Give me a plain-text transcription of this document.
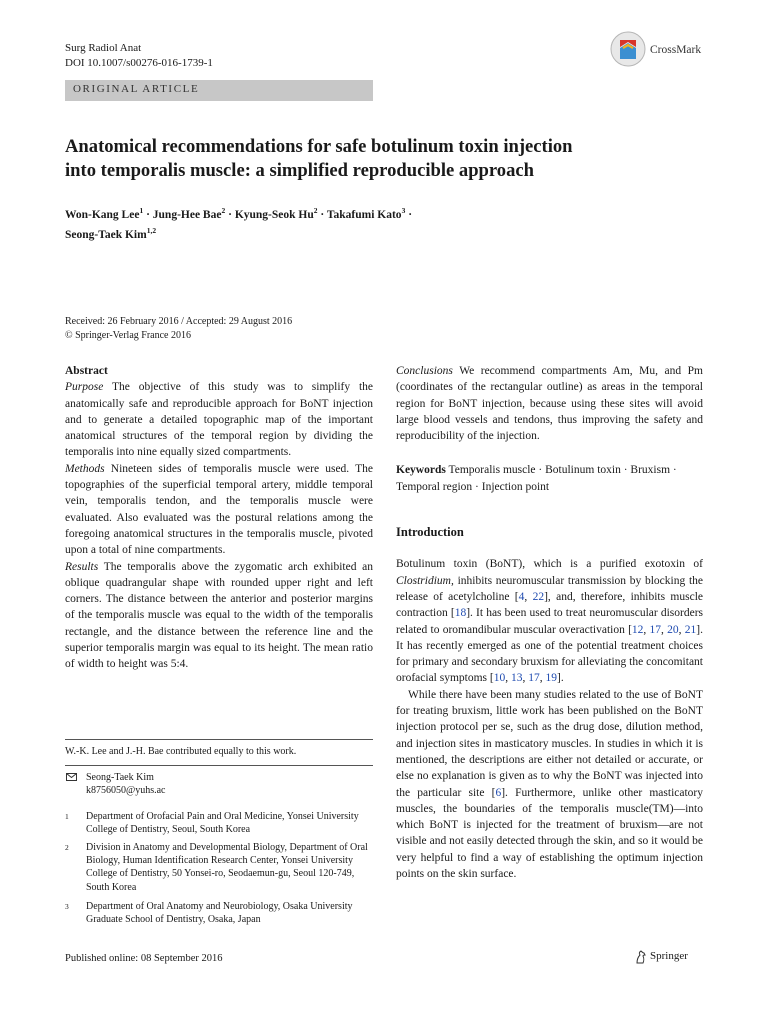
Surg Radiol Anat
DOI 10.1007/s00276-016-1739-1
CrossMark
ORIGINAL ARTICLE
Anatomical recommendations for safe botulinum toxin injection
into temporalis muscle: a simplified reproducible approach
Won-Kang Lee$^1$ · Jung-Hee Bae$^2$ · Kyung-Seok $Hu^2$ · Takafumi Kato$^3$ ·
Seong-Taek Kim$^{1,2}$
Received: 26 February 2016 / Accepted: 29 August 2016
© Springer-Verlag France 2016

Abstract

Purpose The objective of this study was to simplify the anatomically safe and reproducible approach for BoNT injection and to generate a detailed topographic map of the important anatomical structures of the temporal region by dividing the temporalis into nine equally sized compartments.

Methods Nineteen sides of temporalis muscle were used. The topographies of the superficial temporal artery, middle temporal vein, temporalis tendon, and the temporalis muscle were evaluated. Also evaluated was the postural relations among the foregoing anatomical structures in the temporalis muscle, pivoted upon a total of nine compartments.

Results The temporalis above the zygomatic arch exhibited an oblique quadrangular shape with rounded upper right and left corners. The distance between the anterior and posterior margins of the temporalis muscle was equal to the width of the temporalis rectangle, and the distance between the reference line and the superior temporalis margin was equal to its height. The mean ratio of width to height was 5:4.

W.-K. Lee and J.-H. Bae contributed equally to this work.
Seong-Taek Kim
k8756050@yuhs.ac
1 Department of Orofacial Pain and Oral Medicine, Yonsei University College of Dentistry, Seoul, South Korea
2 Division in Anatomy and Developmental Biology, Department of Oral Biology, Human Identification Research Center, Yonsei University College of Dentistry, 50 Yonsei-ro, Seodaemun-gu, Seoul 120-749, South Korea
3 Department of Oral Anatomy and Neurobiology, Osaka University Graduate School of Dentistry, Osaka, Japan

Conclusions We recommend compartments Am, Mu, and Pm (coordinates of the rectangular outline) as areas in the temporal region for BoNT injection, because using these sites will avoid large blood vessels and tendons, thus improving the safety and reproducibility of the injection.

Keywords Temporalis muscle · Botulinum toxin · Bruxism · Temporal region · Injection point

Introduction

Botulinum toxin (BoNT), which is a purified exotoxin of Clostridium, inhibits neuromuscular transmission by blocking the release of acetylcholine [4, 22], and, therefore, inhibits muscle contraction [18]. It has been used to treat neuromuscular disorders related to oromandibular muscular overactivation [12, 17, 20, 21]. It has recently emerged as one of the potential treatment choices for primary and secondary bruxism for alleviating the concomitant orofacial symptoms [10, 13, 17, 19].

While there have been many studies related to the use of BoNT for treating bruxism, little work has been published on the BoNT injection protocol per se, such as the drug dose, dilution method, and injection sites in masticatory muscles. In studies in which it is mentioned, the descriptions are either not detailed or accurate, or else no explanation is given as to why the BoNT was injected into the particular site [6]. Furthermore, unlike other masticatory muscles, the boundaries of the temporalis muscle(TM)—into which BoNT is injected for the treatment of bruxism—are not visible and not easily detected through the skin, and so it would be very helpful to find a way of establishing the optimum injection points on the skin surface.

Published online: 08 September 2016	Springer
